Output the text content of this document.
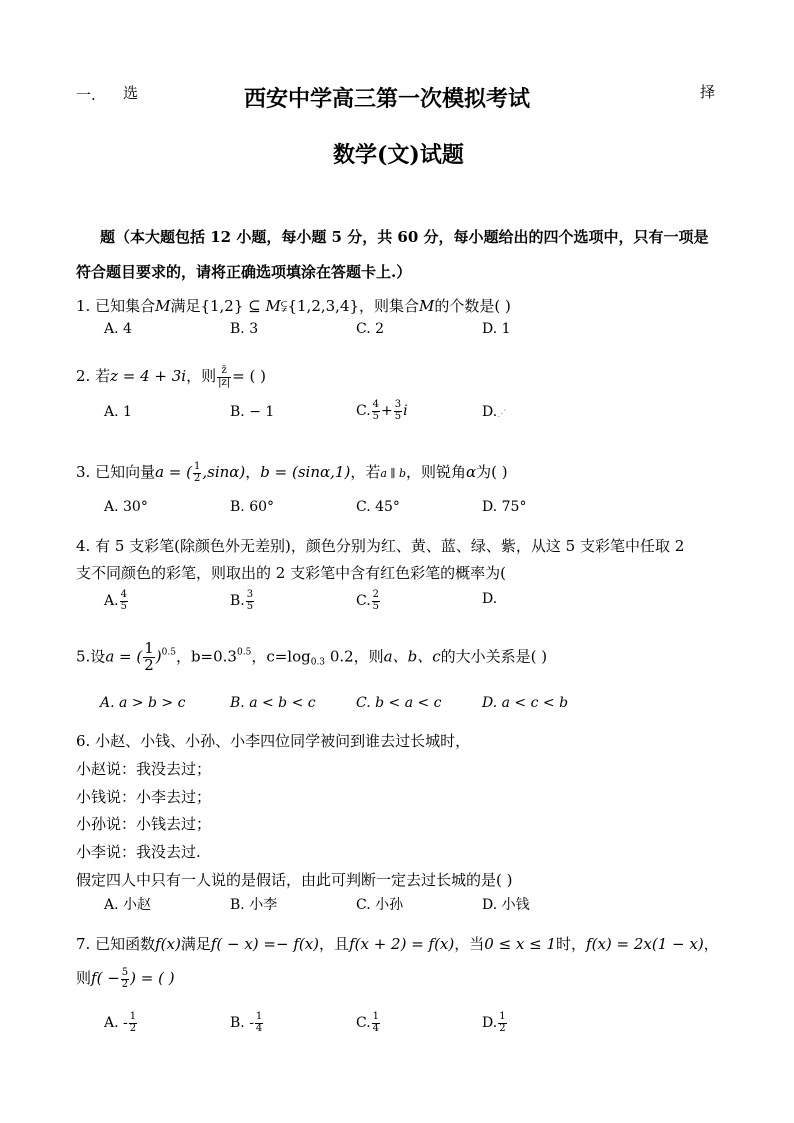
一. 选	西安中学高三第一次模拟考试	择
数学(文)试题
题（本大题包括 12 小题，每小题 5 分，共 60 分，每小题给出的四个选项中，只有一项是
符合题目要求的，请将正确选项填涂在答题卡上.）
1. 已知集合M满足{1,2} ⊆ M⫋{1,2,3,4}，则集合M的个数是( )
A. 4	B. 3	C. 2	D. 1
2. 若z = 4 + 3i，则 $\frac{z̄}{|z|}$ = ( )
A. 1	B. − 1	C. $\frac{4}{5} + \frac{3}{5}$ i	D.⋰
3. 已知向量a = ( $\frac{1}{2} ,\sin\alpha$)，b = (sinα,1)，若a ∥ b，则锐角α为( )
A. 30°	B. 60°	C. 45°	D. 75°
4. 有 5 支彩笔(除颜色外无差别)，颜色分别为红、黄、蓝、绿、紫，从这 5 支彩笔中任取 2
支不同颜色的彩笔，则取出的 2 支彩笔中含有红色彩笔的概率为(
A. $\frac{4}{5}$	B. $\frac{3}{5}$	C. $\frac{2}{5}$	D.
5.设a = ( $\frac{1}{2} )^{0.5}$，$b=0.3^{0.5}$，$c=\log_{0.3}$ 0.2，则a、b、c的大小关系是( )
A. a > b > c	B. a < b < c	C. b < a < c	D. a < c < b
6. 小赵、小钱、小孙、小李四位同学被问到谁去过长城时，
小赵说：我没去过；
小钱说：小李去过；
小孙说：小钱去过；
小李说：我没去过.
假定四人中只有一人说的是假话，由此可判断一定去过长城的是( )
A. 小赵	B. 小李	C. 小孙	D. 小钱
7. 已知函数f(x)满足f( − x) =− f(x)，且f(x + 2) = f(x)，当0 ≤ x ≤ 1时，f(x) = 2x(1 − x)，
则$f( - \frac{5}{2}$ ) = ( )
A. - $\frac{1}{2}$	B. - $\frac{1}{4}$	C. $\frac{1}{4}$	D. $\frac{1}{2}$
